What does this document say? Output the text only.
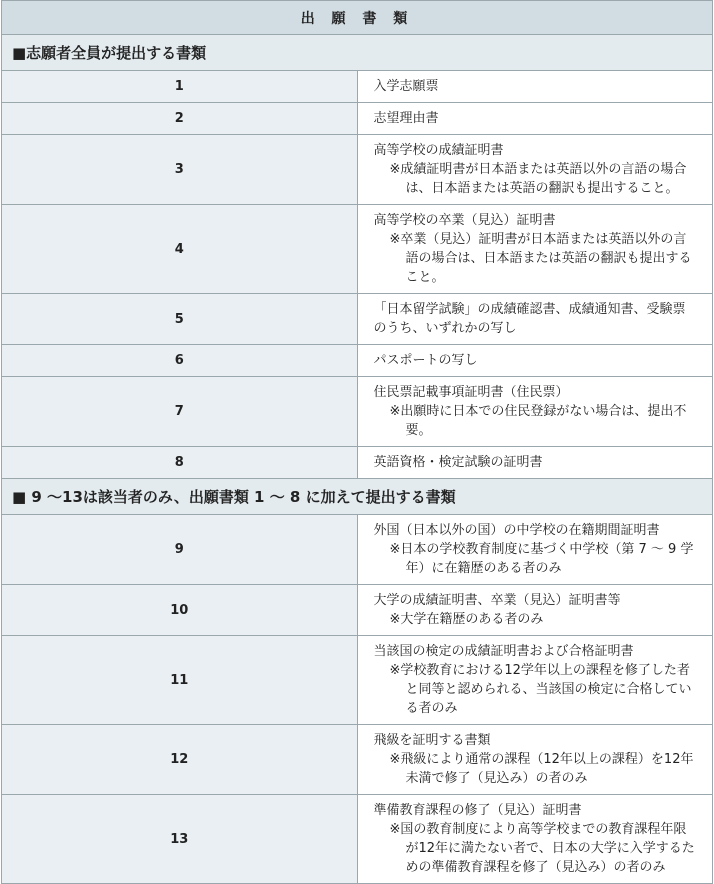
出 願 書 類	
■志願者全員が提出する書類	
1	入学志願票

2	志望理由書

3	高等学校の成績証明書
※成績証明書が日本語または英語以外の言語の場合は、日本語または英語の翻訳も提出すること。

4	高等学校の卒業（見込）証明書
※卒業（見込）証明書が日本語または英語以外の言語の場合は、日本語または英語の翻訳も提出すること。

5	「日本留学試験」の成績確認書、成績通知書、受験票のうち、いずれかの写し

6	パスポートの写し

7	住民票記載事項証明書（住民票）
※出願時に日本での住民登録がない場合は、提出不要。

8	英語資格・検定試験の証明書

■ 9 〜13は該当者のみ、出願書類 1 〜 8 に加えて提出する書類	
9	外国（日本以外の国）の中学校の在籍期間証明書
※日本の学校教育制度に基づく中学校（第 7 〜 9 学年）に在籍歴のある者のみ

10	大学の成績証明書、卒業（見込）証明書等
※大学在籍歴のある者のみ

11	当該国の検定の成績証明書および合格証明書
※学校教育における12学年以上の課程を修了した者と同等と認められる、当該国の検定に合格している者のみ

12	飛級を証明する書類
※飛級により通常の課程（12年以上の課程）を12年未満で修了（見込み）の者のみ

13	準備教育課程の修了（見込）証明書
※国の教育制度により高等学校までの教育課程年限が12年に満たない者で、日本の大学に入学するための準備教育課程を修了（見込み）の者のみ
